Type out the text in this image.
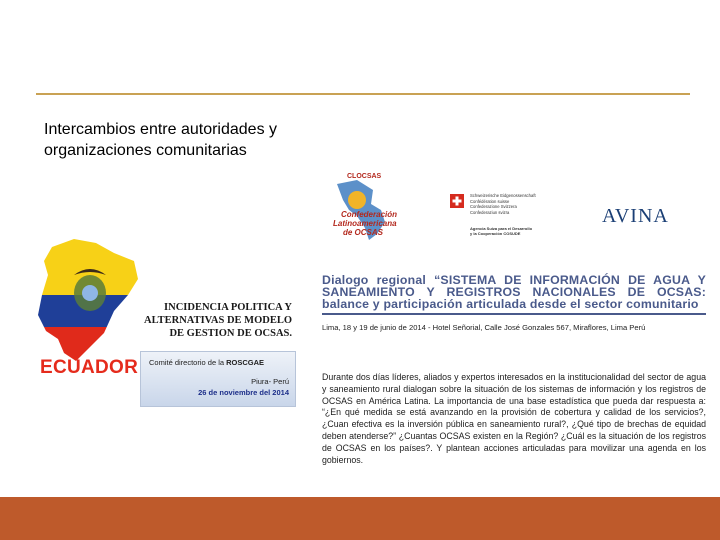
Intercambios entre autoridades y organizaciones comunitarias
ECUADOR
INCIDENCIA POLITICA Y ALTERNATIVAS DE MODELO DE GESTION DE OCSAS.
Comité directorio de la ROSCGAE
Piura- Perú
26 de noviembre del 2014
CLOCSAS
Confederación
Latinoamericana
de OCSAS
Schweizerische Eidgenossenschaft
Confédération suisse
Confederazione Svizzera
Confederaziun svizra
Agencia Suiza para el Desarrollo
y la Cooperación COSUDE
AVINA
Dialogo regional “SISTEMA DE INFORMACIÓN DE AGUA Y SANEAMIENTO Y REGISTROS NACIONALES DE OCSAS: balance y participación articulada desde el sector comunitario
Lima, 18 y 19 de junio de 2014 - Hotel Señorial, Calle José Gonzales 567, Miraflores, Lima Perú
Durante dos días líderes, aliados y expertos interesados en la institucionalidad del sector de agua y saneamiento rural dialogan sobre la situación de los sistemas de información y los registros de OCSAS en América Latina. La importancia de una base estadística que pueda dar respuesta a: “¿En qué medida se está avanzando en la provisión de cobertura y calidad de los servicios?, ¿Cuan efectiva es la inversión pública en saneamiento rural?, ¿Qué tipo de brechas de equidad deben atenderse?” ¿Cuantas OCSAS existen en la Región? ¿Cuál es la situación de los registros de OCSAS en los países?. Y plantean acciones articuladas para movilizar una agenda en los gobiernos.
